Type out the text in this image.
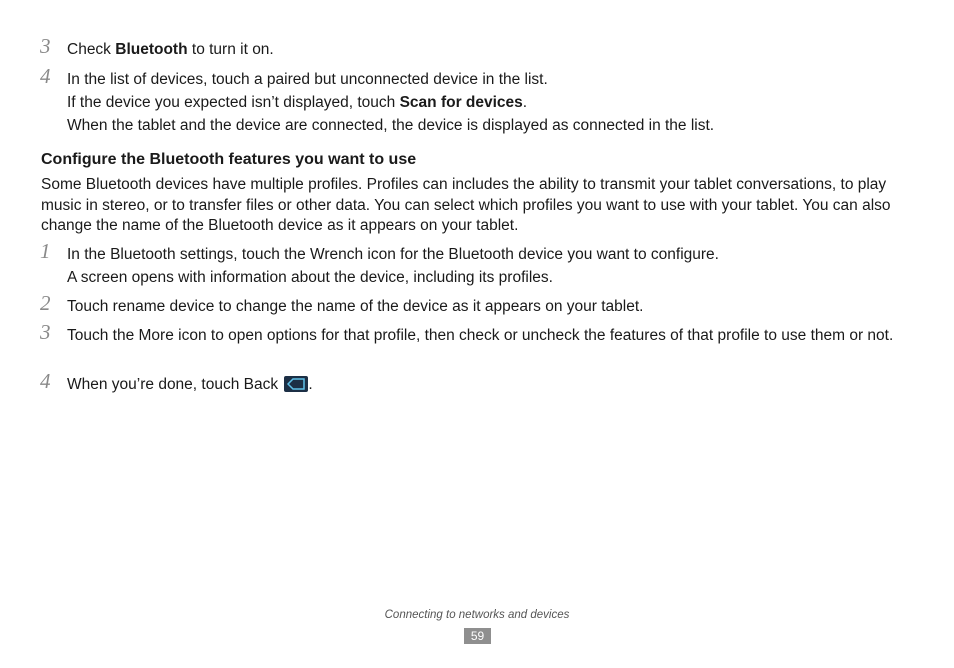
3	Check Bluetooth to turn it on.
4	In the list of devices, touch a paired but unconnected device in the list.
If the device you expected isn’t displayed, touch Scan for devices.
When the tablet and the device are connected, the device is displayed as connected in the list.
Configure the Bluetooth features you want to use
Some Bluetooth devices have multiple profiles. Profiles can includes the ability to transmit your tablet conversations, to play music in stereo, or to transfer files or other data. You can select which profiles you want to use with your tablet. You can also change the name of the Bluetooth device as it appears on your tablet.
1	In the Bluetooth settings, touch the Wrench icon for the Bluetooth device you want to configure.
A screen opens with information about the device, including its profiles.
2	Touch rename device to change the name of the device as it appears on your tablet.
3	Touch the More icon to open options for that profile, then check or uncheck the features of that profile to use them or not.
4	When you’re done, touch Back
.
Connecting to networks and devices
59
